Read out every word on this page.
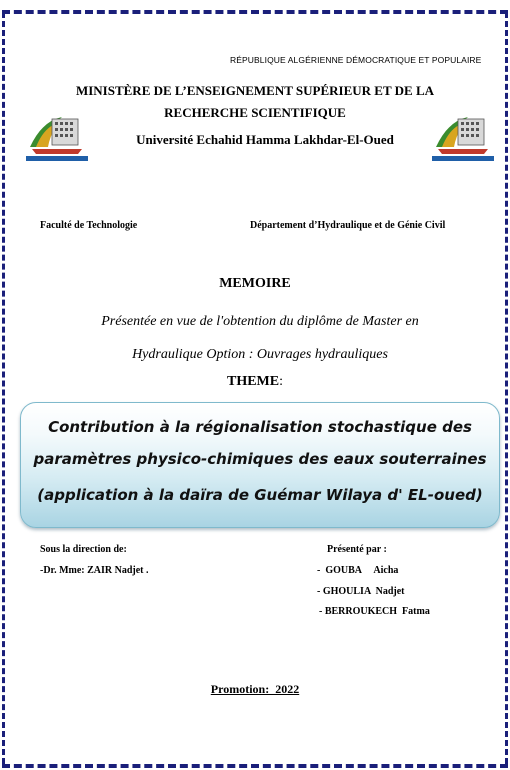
RÉPUBLIQUE ALGÉRIENNE DÉMOCRATIQUE ET POPULAIRE
MINISTÈRE DE L’ENSEIGNEMENT SUPÉRIEUR ET DE LA
RECHERCHE SCIENTIFIQUE
Université Echahid Hamma Lakhdar-El-Oued
Faculté de Technologie	Département d’Hydraulique et de Génie Civil
MEMOIRE
Présentée en vue de l'obtention du diplôme de Master en
Hydraulique Option : Ouvrages hydrauliques
THEME:
Contribution à la régionalisation stochastique des
paramètres physico-chimiques des eaux souterraines
(application à la daïra de Guémar Wilaya d' EL-oued)
Sous la direction de:
-Dr. Mme: ZAIR Nadjet .
Présenté par :
-  GOUBA     Aicha
- GHOULIA  Nadjet
- BERROUKECH  Fatma
Promotion:  2022
